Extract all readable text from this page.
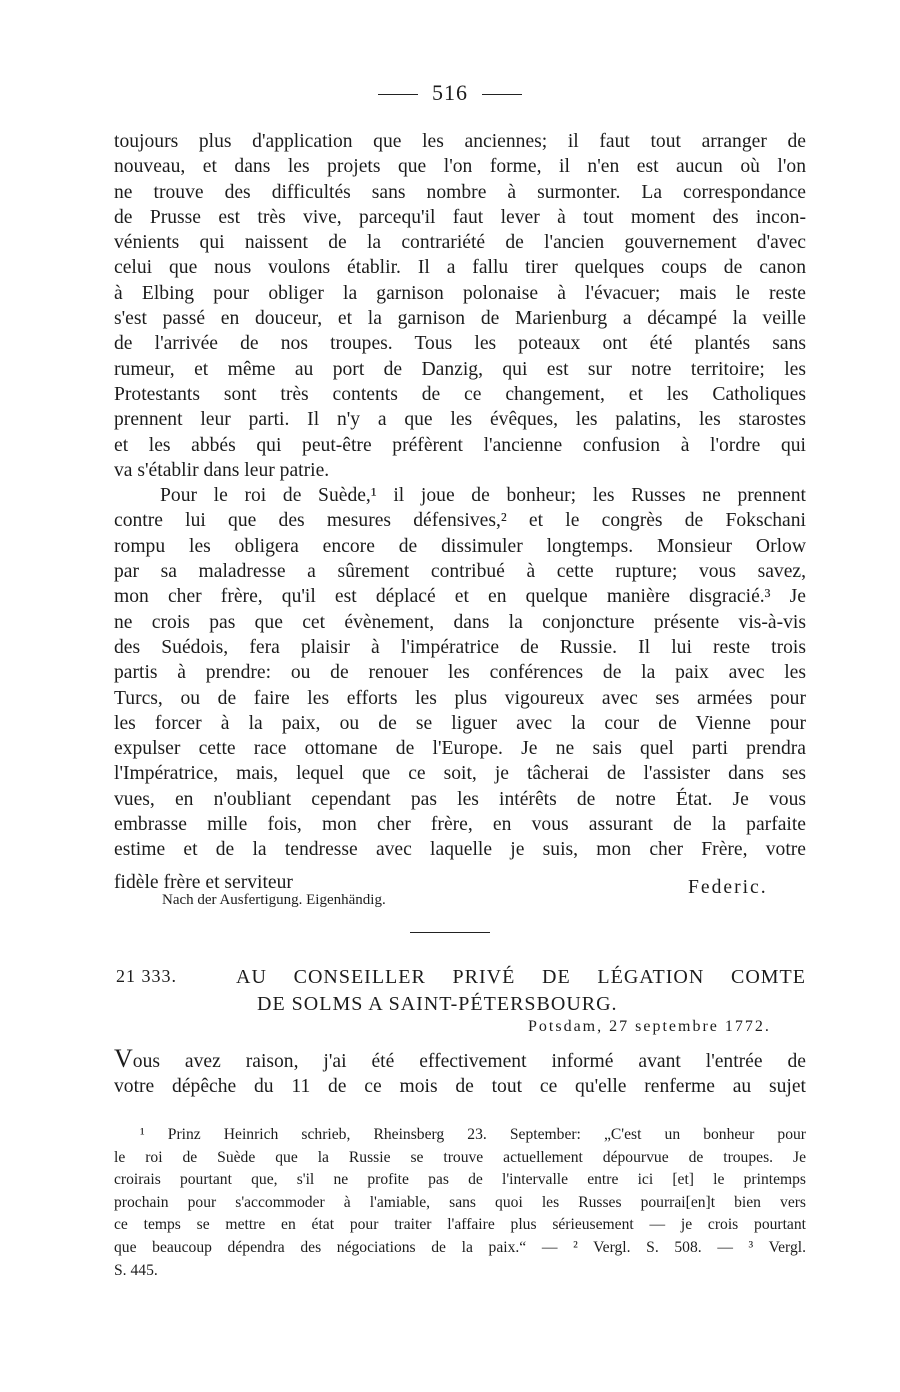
516
toujours plus d'application que les anciennes; il faut tout arranger de
nouveau, et dans les projets que l'on forme, il n'en est aucun où l'on
ne trouve des difficultés sans nombre à surmonter. La correspondance
de Prusse est très vive, parcequ'il faut lever à tout moment des incon-
vénients qui naissent de la contrariété de l'ancien gouvernement d'avec
celui que nous voulons établir. Il a fallu tirer quelques coups de canon
à Elbing pour obliger la garnison polonaise à l'évacuer; mais le reste
s'est passé en douceur, et la garnison de Marienburg a décampé la veille
de l'arrivée de nos troupes. Tous les poteaux ont été plantés sans
rumeur, et même au port de Danzig, qui est sur notre territoire; les
Protestants sont très contents de ce changement, et les Catholiques
prennent leur parti. Il n'y a que les évêques, les palatins, les starostes
et les abbés qui peut-être préfèrent l'ancienne confusion à l'ordre qui
va s'établir dans leur patrie.
Pour le roi de Suède,¹ il joue de bonheur; les Russes ne prennent
contre lui que des mesures défensives,² et le congrès de Fokschani
rompu les obligera encore de dissimuler longtemps. Monsieur Orlow
par sa maladresse a sûrement contribué à cette rupture; vous savez,
mon cher frère, qu'il est déplacé et en quelque manière disgracié.³ Je
ne crois pas que cet évènement, dans la conjoncture présente vis-à-vis
des Suédois, fera plaisir à l'impératrice de Russie. Il lui reste trois
partis à prendre: ou de renouer les conférences de la paix avec les
Turcs, ou de faire les efforts les plus vigoureux avec ses armées pour
les forcer à la paix, ou de se liguer avec la cour de Vienne pour
expulser cette race ottomane de l'Europe. Je ne sais quel parti prendra
l'Impératrice, mais, lequel que ce soit, je tâcherai de l'assister dans ses
vues, en n'oubliant cependant pas les intérêts de notre État. Je vous
embrasse mille fois, mon cher frère, en vous assurant de la parfaite
estime et de la tendresse avec laquelle je suis, mon cher Frère, votre
fidèle frère et serviteur	Federic.
Nach der Ausfertigung. Eigenhändig.
21 333.	AU CONSEILLER PRIVÉ DE LÉGATION COMTE
DE SOLMS A SAINT-PÉTERSBOURG.
Potsdam, 27 septembre 1772.
Vous avez raison, j'ai été effectivement informé avant l'entrée de
votre dépêche du 11 de ce mois de tout ce qu'elle renferme au sujet
¹ Prinz Heinrich schrieb, Rheinsberg 23. September: „C'est un bonheur pour
le roi de Suède que la Russie se trouve actuellement dépourvue de troupes. Je
croirais pourtant que, s'il ne profite pas de l'intervalle entre ici [et] le printemps
prochain pour s'accommoder à l'amiable, sans quoi les Russes pourrai[en]t bien vers
ce temps se mettre en état pour traiter l'affaire plus sérieusement — je crois pourtant
que beaucoup dépendra des négociations de la paix.“ — ² Vergl. S. 508. — ³ Vergl.
S. 445.
